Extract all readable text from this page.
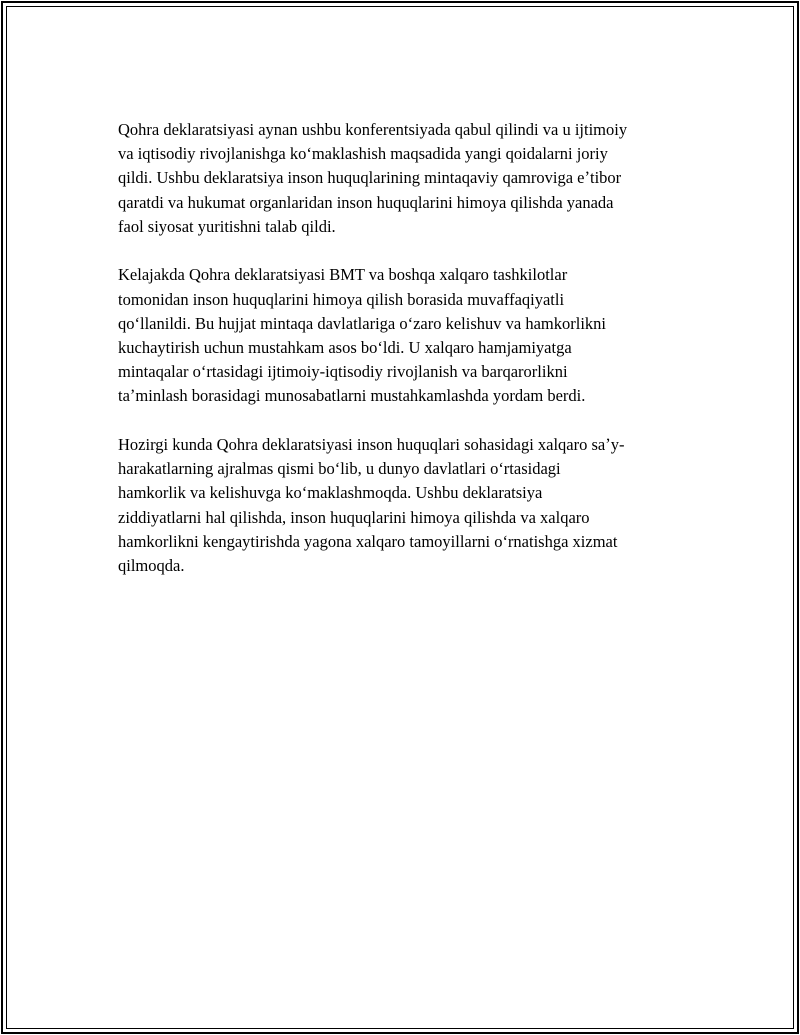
Qohra deklaratsiyasi aynan ushbu konferentsiyada qabul qilindi va u ijtimoiy
va iqtisodiy rivojlanishga koʻmaklashish maqsadida yangi qoidalarni joriy
qildi. Ushbu deklaratsiya inson huquqlarining mintaqaviy qamroviga eʼtibor
qaratdi va hukumat organlaridan inson huquqlarini himoya qilishda yanada
faol siyosat yuritishni talab qildi.

Kelajakda Qohra deklaratsiyasi BMT va boshqa xalqaro tashkilotlar
tomonidan inson huquqlarini himoya qilish borasida muvaffaqiyatli
qoʻllanildi. Bu hujjat mintaqa davlatlariga oʻzaro kelishuv va hamkorlikni
kuchaytirish uchun mustahkam asos boʻldi. U xalqaro hamjamiyatga
mintaqalar oʻrtasidagi ijtimoiy-iqtisodiy rivojlanish va barqarorlikni
taʼminlash borasidagi munosabatlarni mustahkamlashda yordam berdi.

Hozirgi kunda Qohra deklaratsiyasi inson huquqlari sohasidagi xalqaro saʼy-
harakatlarning ajralmas qismi boʻlib, u dunyo davlatlari oʻrtasidagi
hamkorlik va kelishuvga koʻmaklashmoqda. Ushbu deklaratsiya
ziddiyatlarni hal qilishda, inson huquqlarini himoya qilishda va xalqaro
hamkorlikni kengaytirishda yagona xalqaro tamoyillarni oʻrnatishga xizmat
qilmoqda.
